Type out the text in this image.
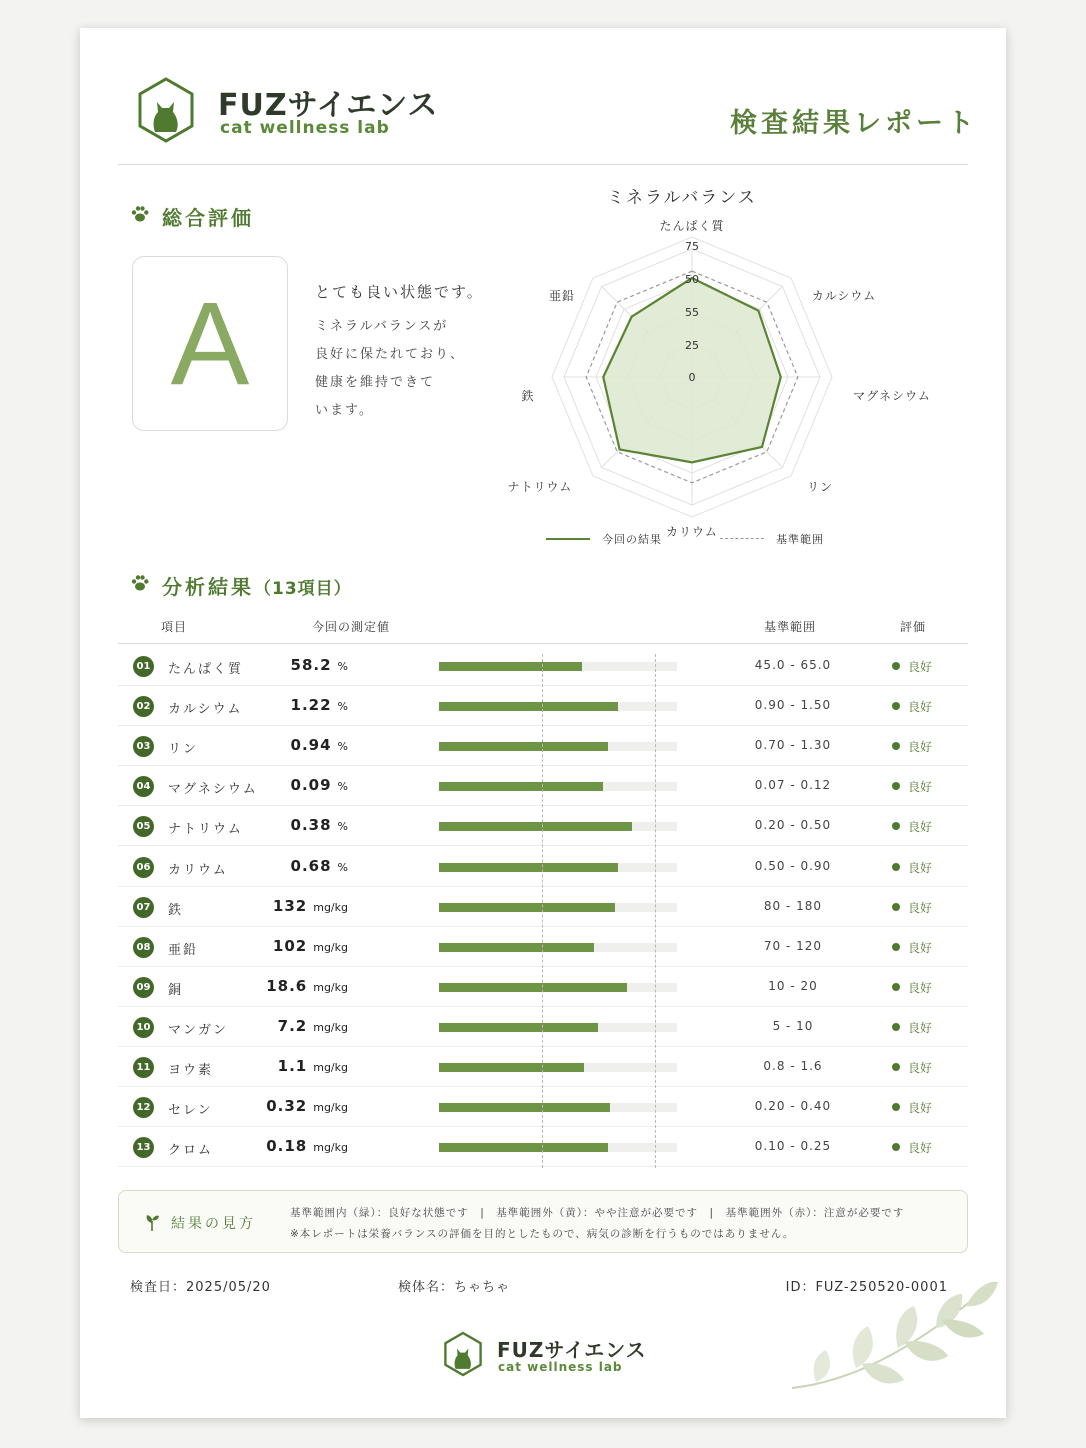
FUZサイエンス
cat wellness lab	検査結果レポート
総合評価
A	とても良い状態です。
ミネラルバランスが
良好に保たれており、
健康を維持できて
います。
ミネラルバランス
0
25
55
50
75
たんぱく質
カルシウム
マグネシウム
リン
カリウム
ナトリウム
鉄
亜鉛
今回の結果	基準範囲
分析結果（13項目）
項目	今回の測定値	基準範囲	評価
01 たんぱく質	58.2 %	45.0 - 65.0	良好
02 カルシウム	1.22 %	0.90 - 1.50	良好
03 リン	0.94 %	0.70 - 1.30	良好
04 マグネシウム 0.09 %	0.07 - 0.12	良好
05 ナトリウム	0.38 %	0.20 - 0.50	良好
06 カリウム	0.68 %	0.50 - 0.90	良好
07 鉄	132 mg/kg	80 - 180	良好
08 亜鉛	102 mg/kg	70 - 120	良好
09 銅	18.6 mg/kg	10 - 20	良好
10 マンガン	7.2 mg/kg	5 - 10	良好
11 ヨウ素	1.1 mg/kg	0.8 - 1.6	良好
12 セレン	0.32 mg/kg	0.20 - 0.40	良好
13 クロム	0.18 mg/kg	0.10 - 0.25	良好
結果の見方
基準範囲内（緑）：良好な状態です　|　基準範囲外（黄）：やや注意が必要です　|　基準範囲外（赤）：注意が必要です
※本レポートは栄養バランスの評価を目的としたもので、病気の診断を行うものではありません。
検査日：2025/05/20	検体名：ちゃちゃ	ID：FUZ-250520-0001
FUZサイエンス
cat wellness lab
